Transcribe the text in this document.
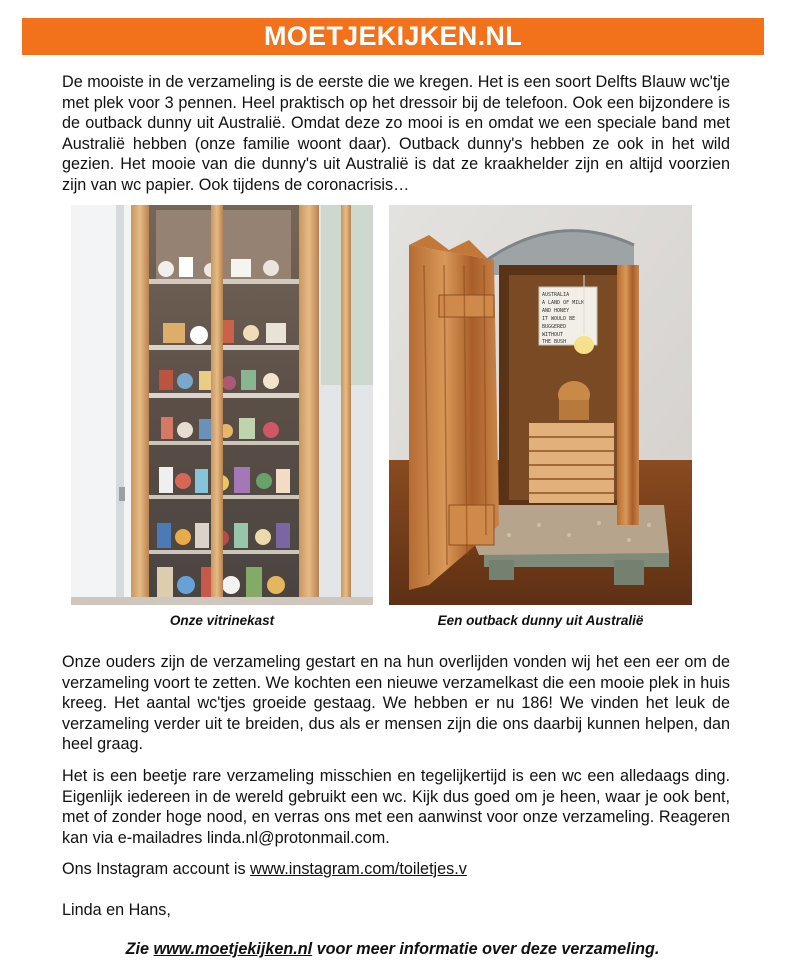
MOETJEKIJKEN.NL

De mooiste in de verzameling is de eerste die we kregen. Het is een soort Delfts Blauw wc'tje met plek voor 3 pennen. Heel praktisch op het dressoir bij de telefoon. Ook een bijzondere is de outback dunny uit Australië. Omdat deze zo mooi is en omdat we een speciale band met Australië hebben (onze familie woont daar). Outback dunny's hebben ze ook in het wild gezien. Het mooie van die dunny's uit Australië is dat ze kraakhelder zijn en altijd voorzien zijn van wc papier. Ook tijdens de coronacrisis…

AUSTRALIA
A LAND OF MILK
AND HONEY
IT WOULD BE
BUGGERED
WITHOUT
THE BUSH
Onze vitrinekast	Een outback dunny uit Australië

Onze ouders zijn de verzameling gestart en na hun overlijden vonden wij het een eer om de verzameling voort te zetten. We kochten een nieuwe verzamelkast die een mooie plek in huis kreeg. Het aantal wc'tjes groeide gestaag. We hebben er nu 186! We vinden het leuk de verzameling verder uit te breiden, dus als er mensen zijn die ons daarbij kunnen helpen, dan heel graag.

Het is een beetje rare verzameling misschien en tegelijkertijd is een wc een alledaags ding. Eigenlijk iedereen in de wereld gebruikt een wc. Kijk dus goed om je heen, waar je ook bent, met of zonder hoge nood, en verras ons met een aanwinst voor onze verzameling. Reageren kan via e-mailadres linda.nl@protonmail.com.

Ons Instagram account is www.instagram.com/toiletjes.v

Linda en Hans,

Zie www.moetjekijken.nl voor meer informatie over deze verzameling.
